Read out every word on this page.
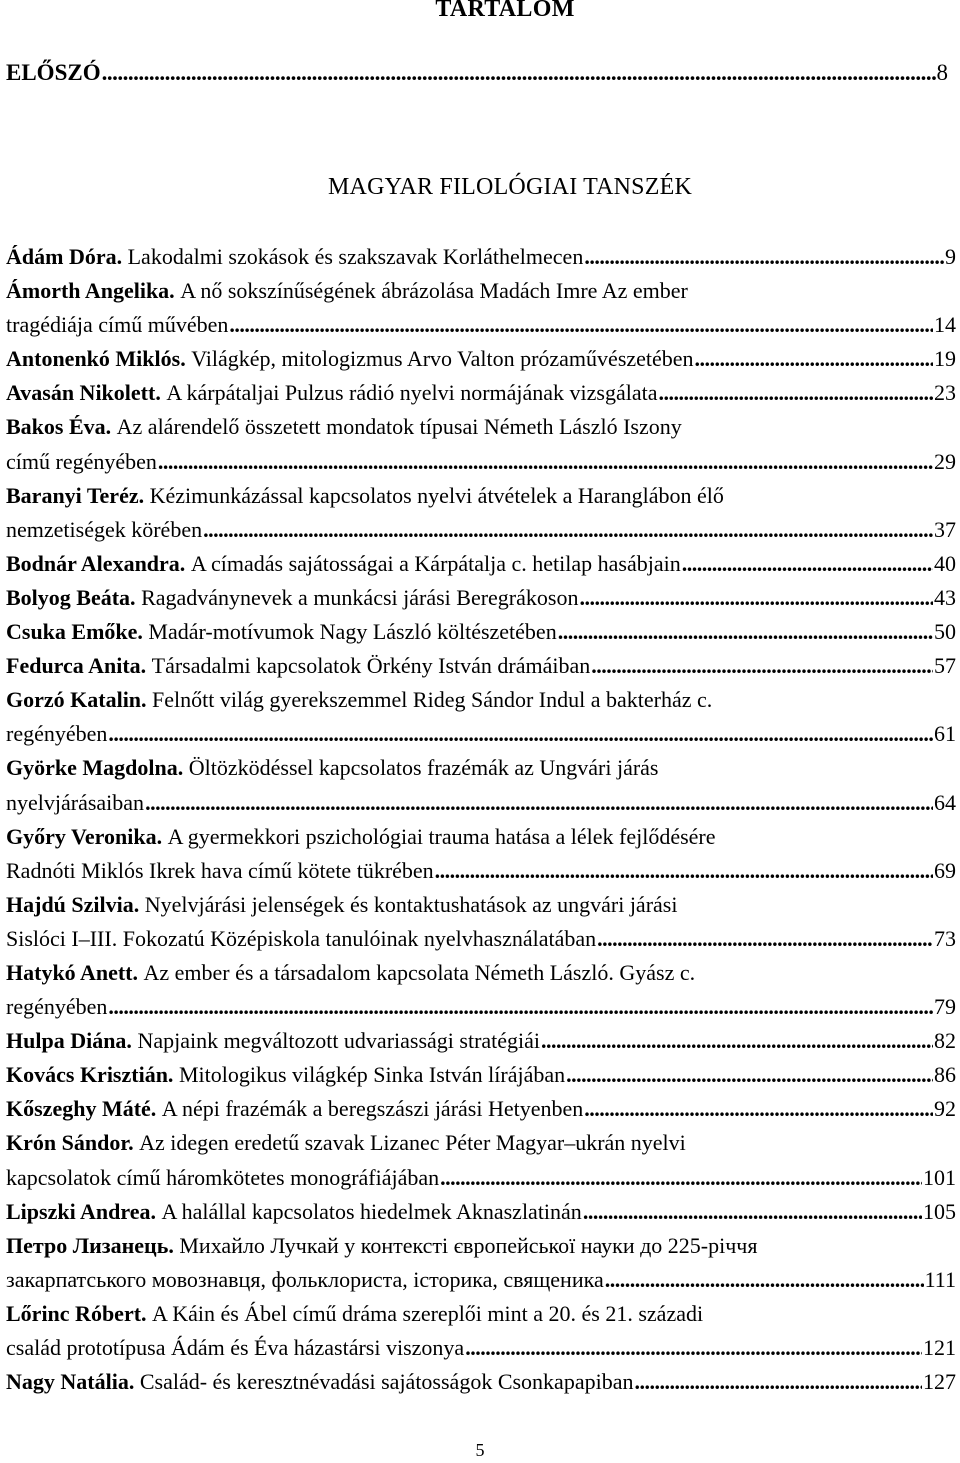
TARTALOM
ELŐSZÓ .....	8
MAGYAR FILOLÓGIAI TANSZÉK
Ádám Dóra.
Lakodalmi szokások és szakszavak Korláthelmecen .....	9
Ámorth Angelika.
A nő sokszínűségének ábrázolása Madách Imre Az ember
tragédiája című művében .....	14
Antonenkó Miklós.
Világkép, mitologizmus Arvo Valton prózaművészetében .....	19
Avasán Nikolett.
A kárpátaljai Pulzus rádió nyelvi normájának vizsgálata .....	23
Bakos Éva.
Az alárendelő összetett mondatok típusai Németh László Iszony
című regényében .....	29
Baranyi Teréz.
Kézimunkázással kapcsolatos nyelvi átvételek a Haranglábon élő
nemzetiségek körében .....	37
Bodnár Alexandra.
A címadás sajátosságai a Kárpátalja c. hetilap hasábjain .....	40
Bolyog Beáta.
Ragadványnevek a munkácsi járási Beregrákoson .....	43
Csuka Emőke.
Madár-motívumok Nagy László költészetében .....	50
Fedurca Anita.
Társadalmi kapcsolatok Örkény István drámáiban .....	57
Gorzó Katalin.
Felnőtt világ gyerekszemmel Rideg Sándor Indul a bakterház c.
regényében .....	61
Györke Magdolna.
Öltözködéssel kapcsolatos frazémák az Ungvári járás
nyelvjárásaiban .....	64
Győry Veronika.
A gyermekkori pszichológiai trauma hatása a lélek fejlődésére
Radnóti Miklós Ikrek hava című kötete tükrében .....	69
Hajdú Szilvia.
Nyelvjárási jelenségek és kontaktushatások az ungvári járási
Sislóci I–III. Fokozatú Középiskola tanulóinak nyelvhasználatában .....	73
Hatykó Anett.
Az ember és a társadalom kapcsolata Németh László. Gyász c.
regényében .....	79
Hulpa Diána.
Napjaink megváltozott udvariassági stratégiái .....	82
Kovács Krisztián.
Mitologikus világkép Sinka István lírájában .....	86
Kőszeghy Máté.
A népi frazémák a beregszászi járási Hetyenben .....	92
Krón Sándor.
Az idegen eredetű szavak Lizanec Péter Magyar–ukrán nyelvi
kapcsolatok című háromkötetes monográfiájában .....	101
Lipszki Andrea.
A halállal kapcsolatos hiedelmek Aknaszlatinán .....	105
Петро Лизанець.
Михайло Лучкай у контексті європейської науки до 225-річчя
закарпатського мовознавця, фольклориста, історика, священика .....	111
Lőrinc Róbert.
A Káin és Ábel című dráma szereplői mint a 20. és 21. századi
család prototípusa Ádám és Éva házastársi viszonya .....	121
Nagy Natália.
Család- és keresztnévadási sajátosságok Csonkapapiban .....	127
5
